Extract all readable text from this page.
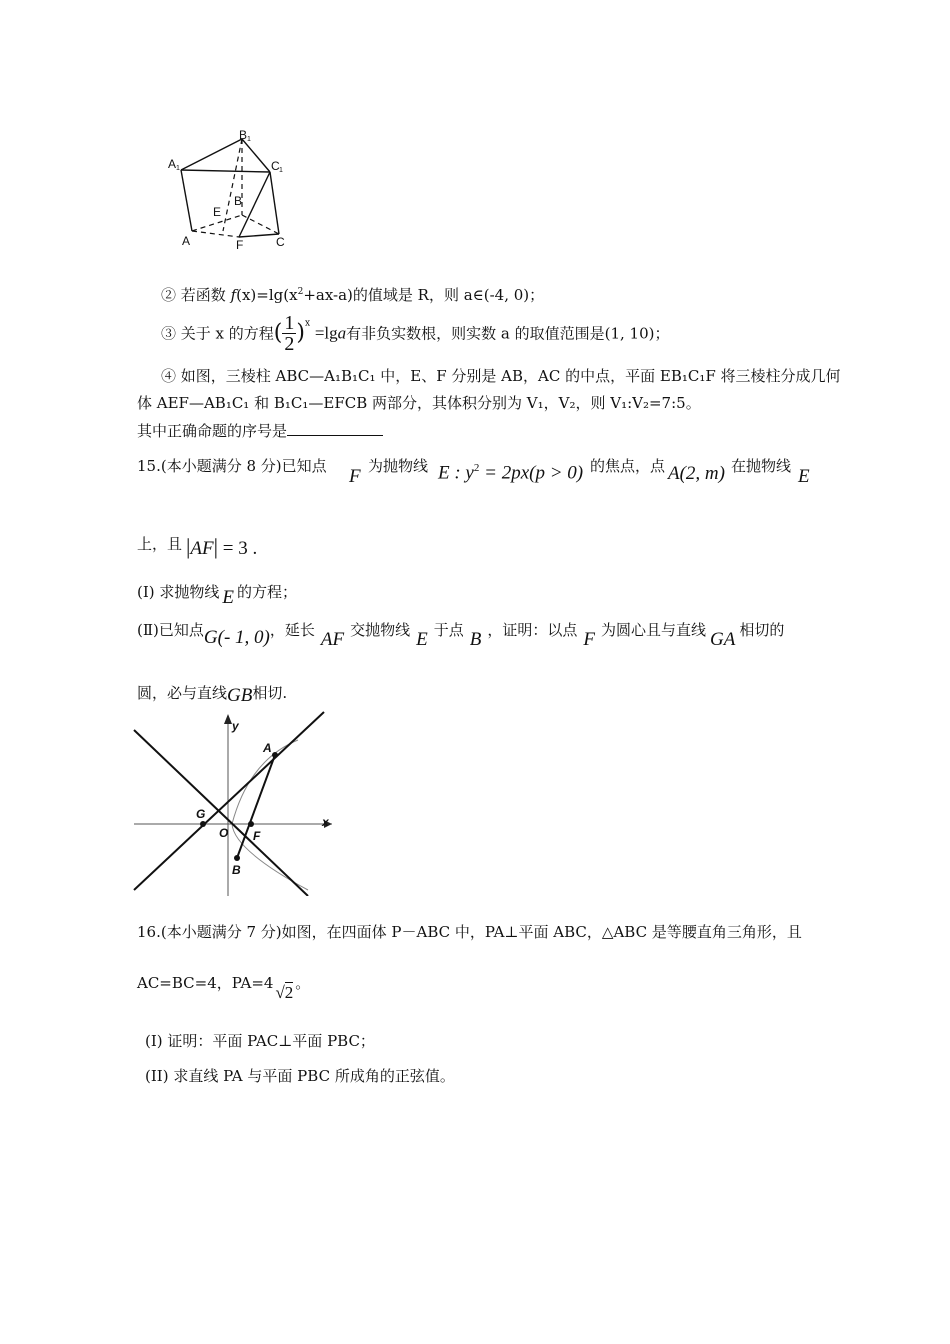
B 1
A 1	C 1
B
E
A	F	C
② 若函数 $f(x)=\lg(x^2+ax-a)$的值域是 R，则 a∈(-4, 0)；
③ 关于 x 的方程( $\frac{1}{2} )^x =\lg a$有非负实数根，则实数 a 的取值范围是(1, 10)；
④ 如图，三棱柱 ABC—A₁B₁C₁ 中，E、F 分别是 AB，AC 的中点，平面 EB₁C₁F 将三棱柱分成几何
体 AEF—AB₁C₁ 和 B₁C₁—EFCB 两部分，其体积分别为 V₁，V₂，则 V₁:V₂=7:5。
其中正确命题的序号是
15.(本小题满分 8 分)已知点 F 为抛物线 E : $y^2 = 2px(p > 0)$ 的焦点，点 A(2, m) 在抛物线 E
上，且 |AF| = 3 .
(Ⅰ) 求抛物线 E 的方程；
(Ⅱ)已知点G(- 1, 0)，延长 AF 交抛物线 E 于点 B ，证明：以点 F 为圆心且与直线 GA 相切的
圆，必与直线GB相切.
y
A
G
O F
x
B
16.(本小题满分 7 分)如图，在四面体 P－ABC 中，PA⊥平面 ABC，△ABC 是等腰直角三角形，且
AC=BC=4，PA=4 √2 。
(I) 证明：平面 PAC⊥平面 PBC；
(II) 求直线 PA 与平面 PBC 所成角的正弦值。
